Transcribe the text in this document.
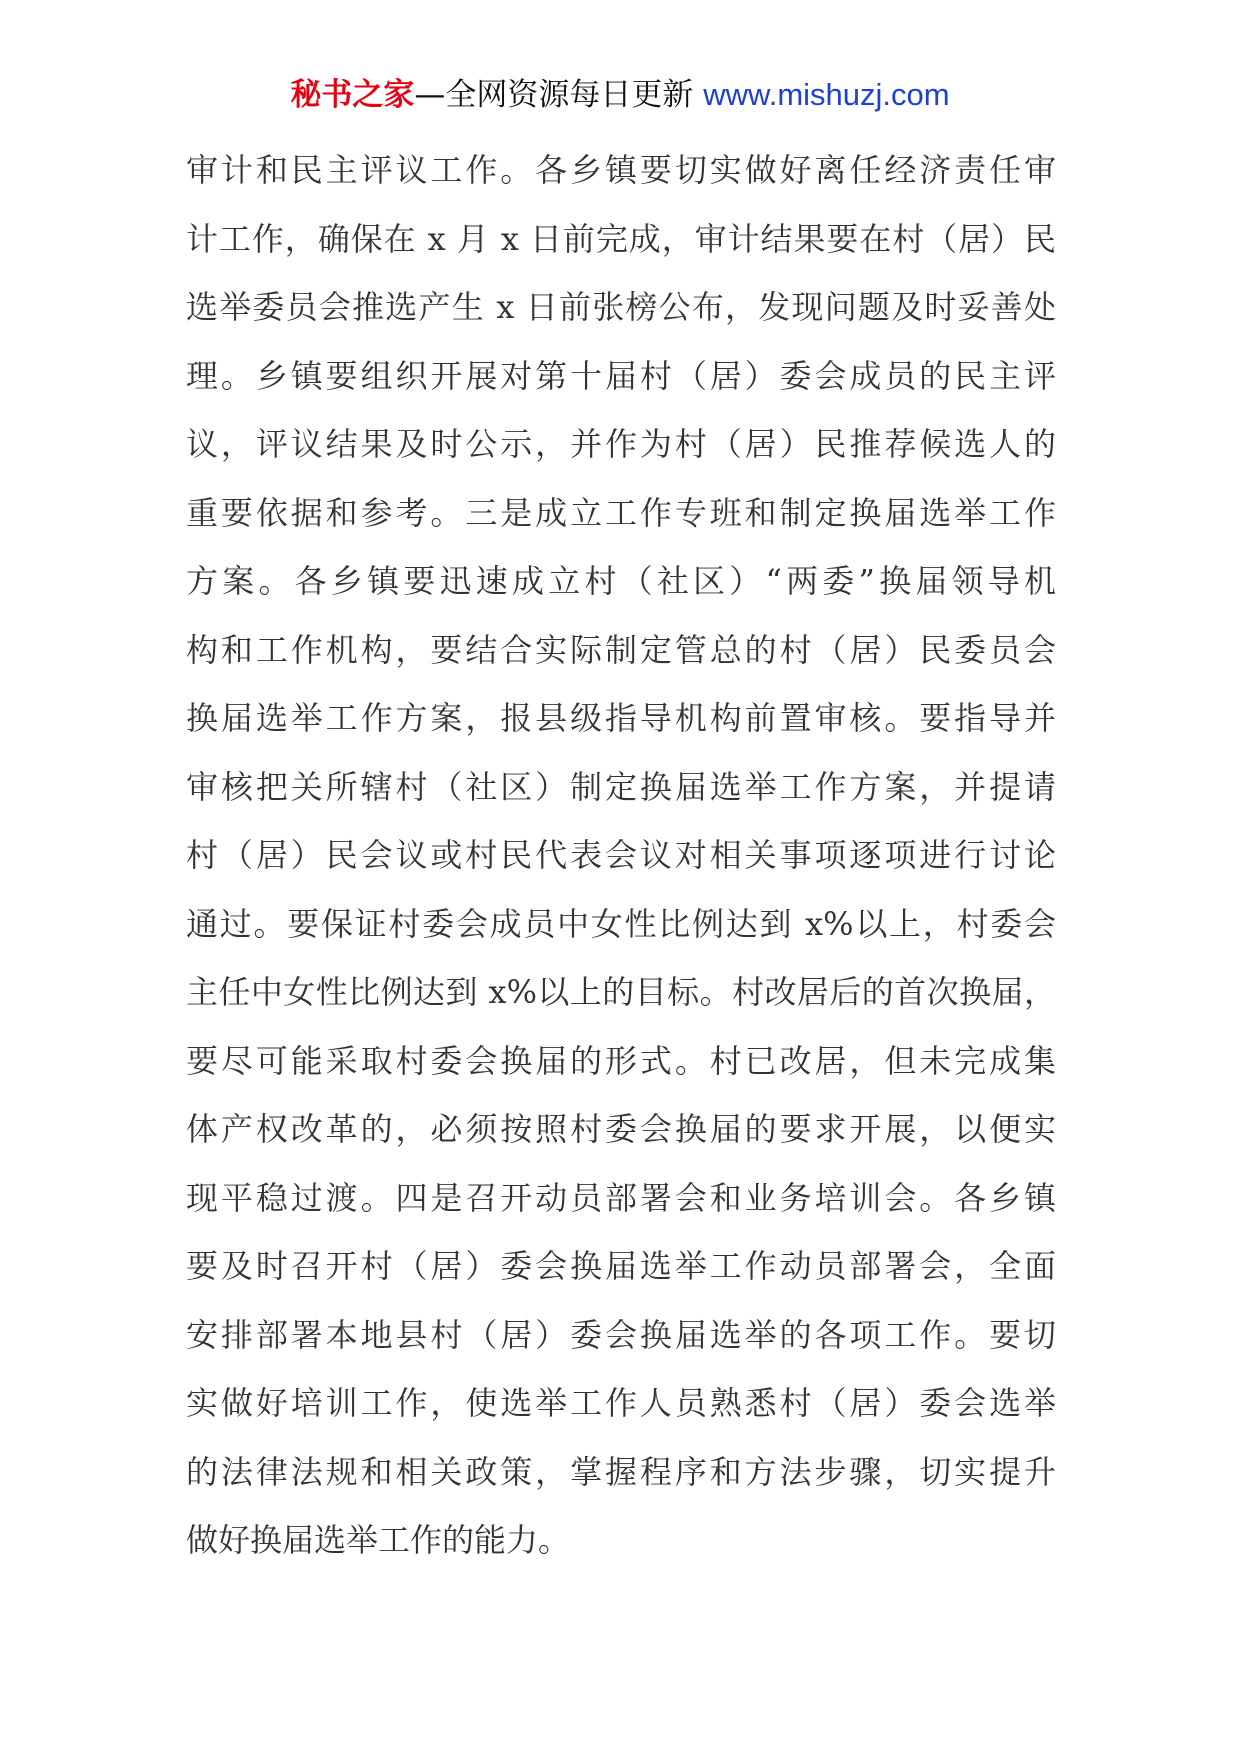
秘书之家—全网资源每日更新 www.mishuzj.com
审计和民主评议工作。各乡镇要切实做好离任经济责任审
计工作，确保在 x 月 x 日前完成，审计结果要在村（居）民
选举委员会推选产生 x 日前张榜公布，发现问题及时妥善处
理。乡镇要组织开展对第十届村（居）委会成员的民主评
议，评议结果及时公示，并作为村（居）民推荐候选人的
重要依据和参考。三是成立工作专班和制定换届选举工作
方案。各乡镇要迅速成立村（社区）“两委”换届领导机
构和工作机构，要结合实际制定管总的村（居）民委员会
换届选举工作方案，报县级指导机构前置审核。要指导并
审核把关所辖村（社区）制定换届选举工作方案，并提请
村（居）民会议或村民代表会议对相关事项逐项进行讨论
通过。要保证村委会成员中女性比例达到 x%以上，村委会
主任中女性比例达到 x%以上的目标。村改居后的首次换届，
要尽可能采取村委会换届的形式。村已改居，但未完成集
体产权改革的，必须按照村委会换届的要求开展，以便实
现平稳过渡。四是召开动员部署会和业务培训会。各乡镇
要及时召开村（居）委会换届选举工作动员部署会，全面
安排部署本地县村（居）委会换届选举的各项工作。要切
实做好培训工作，使选举工作人员熟悉村（居）委会选举
的法律法规和相关政策，掌握程序和方法步骤，切实提升
做好换届选举工作的能力。
